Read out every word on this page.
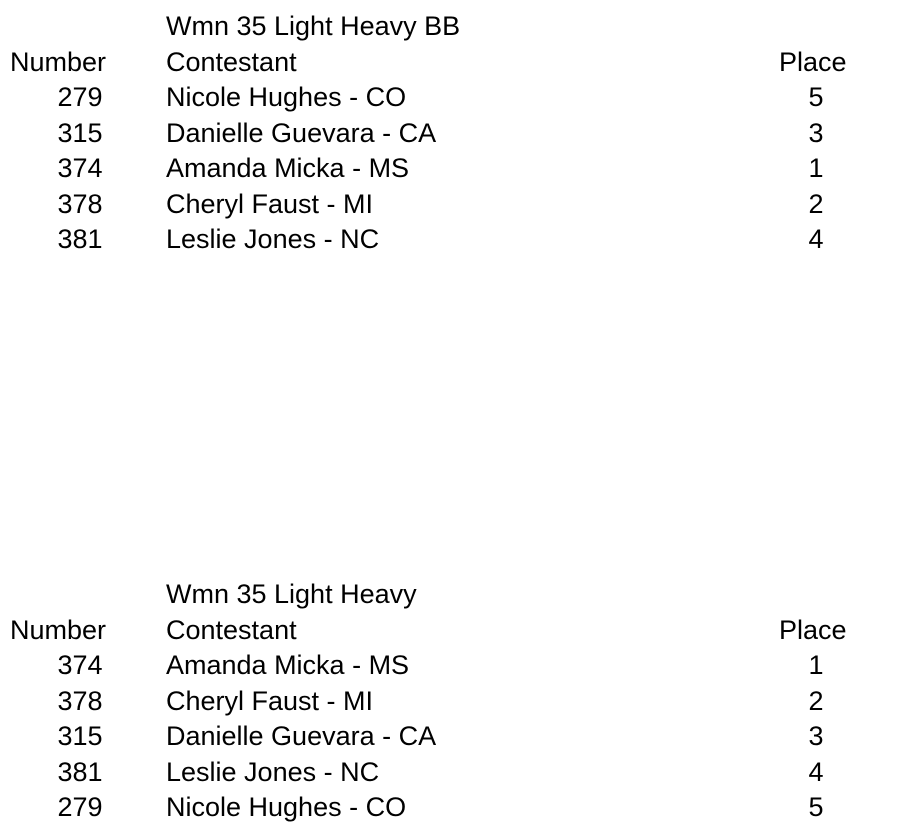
Wmn 35 Light Heavy BB
Number Contestant	Place
279	Nicole Hughes - CO	5
315	Danielle Guevara - CA	3
374	Amanda Micka - MS	1
378	Cheryl Faust - MI	2
381	Leslie Jones - NC	4
Wmn 35 Light Heavy
Number Contestant	Place
374	Amanda Micka - MS	1
378	Cheryl Faust - MI	2
315	Danielle Guevara - CA	3
381	Leslie Jones - NC	4
279	Nicole Hughes - CO	5
